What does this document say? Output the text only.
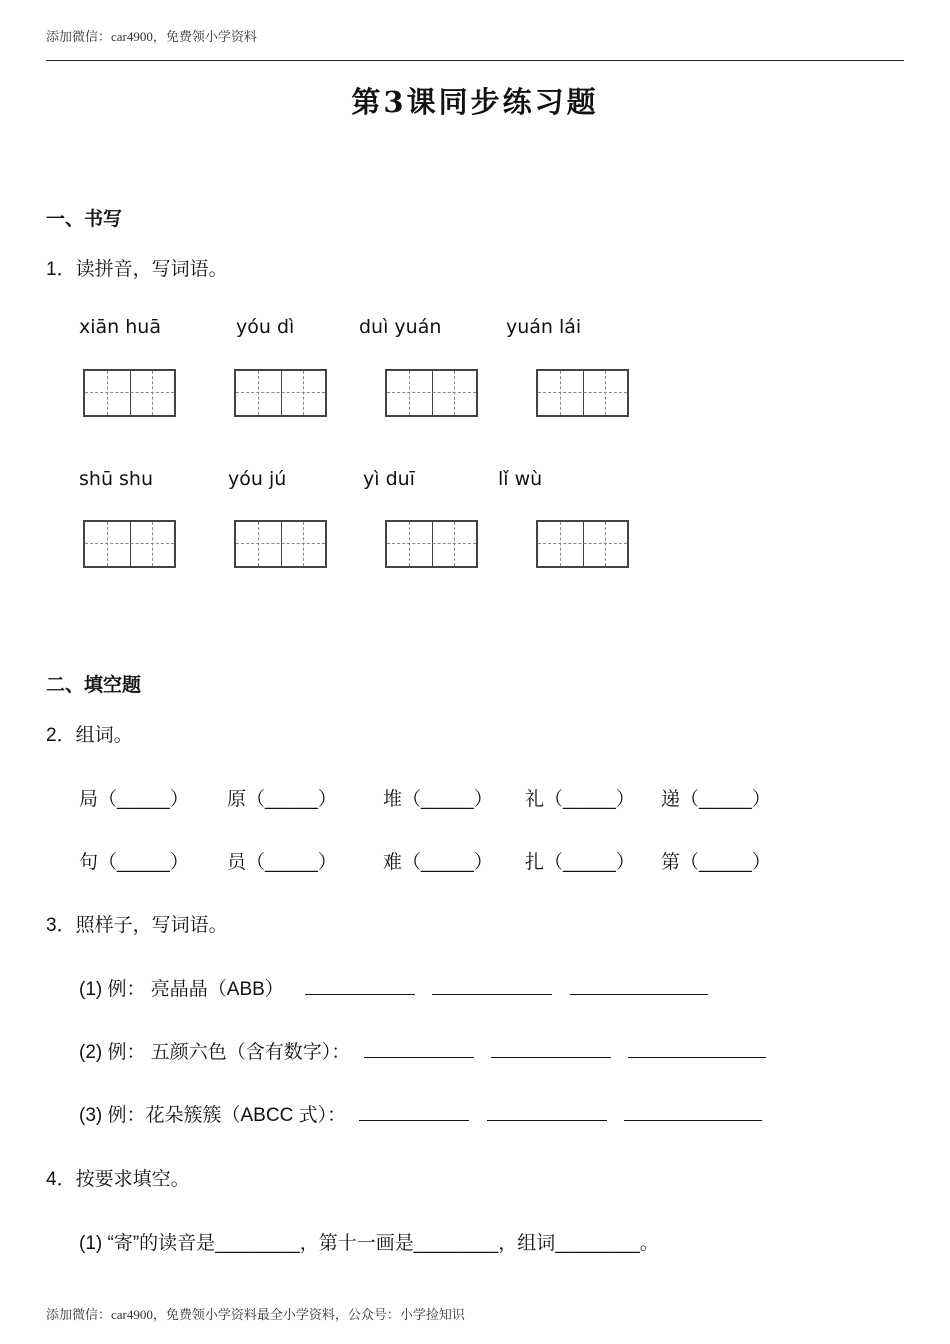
添加微信：car4900，免费领小学资料
第3课同步练习题
一、书写
1．读拼音，写词语。
xiān huā	yóu dì	duì yuán	yuán lái
shū shu	yóu jú	yì duī	lǐ wù
二、填空题
2．组词。
局（_____） 原（_____） 堆（_____） 礼（_____） 递（_____）
句（_____） 员（_____） 难（_____） 扎（_____） 第（_____）
3．照样子，写词语。
(1) 例： 亮晶晶（ABB）
(2) 例： 五颜六色（含有数字）：
(3) 例：花朵簇簇（ABCC 式）：
4．按要求填空。
(1) “寄”的读音是________，第十一画是________，组词________。
添加微信：car4900，免费领小学资料最全小学资料，公众号：小学捡知识
